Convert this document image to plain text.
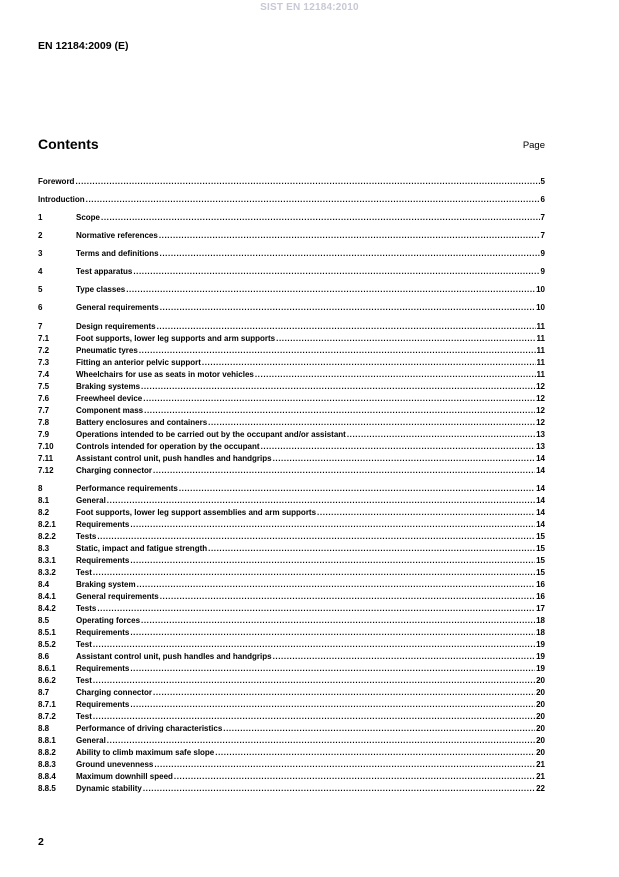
SIST EN 12184:2010
EN 12184:2009 (E)
Contents	Page
Foreword .....	5
Introduction .....	6
1	Scope .....	7
2	Normative references .....	7
3	Terms and definitions .....	9
4	Test apparatus .....	9
5	Type classes .....	10
6	General requirements .....	10
7	Design requirements .....	11
7.1	Foot supports, lower leg supports and arm supports .....	11
7.2	Pneumatic tyres .....	11
7.3	Fitting an anterior pelvic support .....	11
7.4	Wheelchairs for use as seats in motor vehicles .....	11
7.5	Braking systems .....	12
7.6	Freewheel device .....	12
7.7	Component mass .....	12
7.8	Battery enclosures and containers .....	12
7.9	Operations intended to be carried out by the occupant and/or assistant .....	13
7.10	Controls intended for operation by the occupant .....	13
7.11	Assistant control unit, push handles and handgrips .....	14
7.12	Charging connector .....	14
8	Performance requirements .....	14
8.1	General .....	14
8.2	Foot supports, lower leg support assemblies and arm supports .....	14
8.2.1	Requirements .....	14
8.2.2	Tests .....	15
8.3	Static, impact and fatigue strength .....	15
8.3.1	Requirements .....	15
8.3.2	Test .....	15
8.4	Braking system .....	16
8.4.1	General requirements .....	16
8.4.2	Tests .....	17
8.5	Operating forces .....	18
8.5.1	Requirements .....	18
8.5.2	Test .....	19
8.6	Assistant control unit, push handles and handgrips .....	19
8.6.1	Requirements .....	19
8.6.2	Test .....	20
8.7	Charging connector .....	20
8.7.1	Requirements .....	20
8.7.2	Test .....	20
8.8	Performance of driving characteristics .....	20
8.8.1	General .....	20
8.8.2	Ability to climb maximum safe slope .....	20
8.8.3	Ground unevenness .....	21
8.8.4	Maximum downhill speed .....	21
8.8.5	Dynamic stability .....	22
2
